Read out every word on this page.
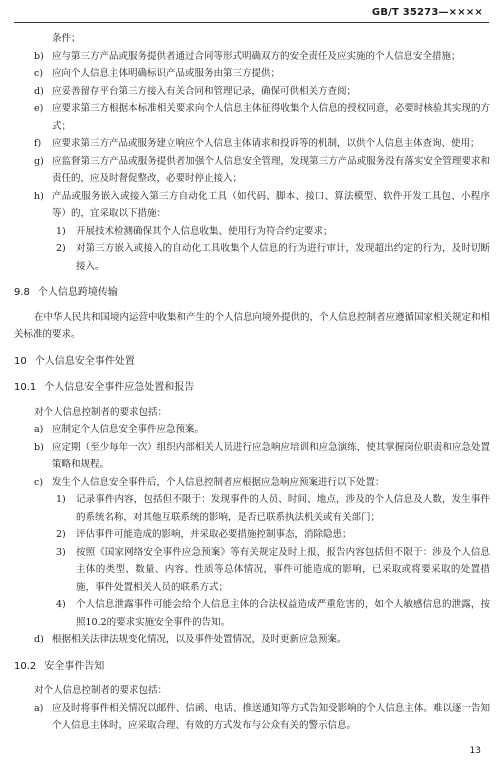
GB/T 35273—××××

条件；

b) 应与第三方产品或服务提供者通过合同等形式明确双方的安全责任及应实施的个人信息安全措施；
c) 应向个人信息主体明确标识产品或服务由第三方提供；
d) 应妥善留存平台第三方接入有关合同和管理记录，确保可供相关方查阅；
e) 应要求第三方根据本标准相关要求向个人信息主体征得收集个人信息的授权同意，必要时核验其实现的方式；
f)	应要求第三方产品或服务建立响应个人信息主体请求和投诉等的机制，以供个人信息主体查询、使用；
g) 应监督第三方产品或服务提供者加强个人信息安全管理，发现第三方产品或服务没有落实安全管理要求和责任的，应及时督促整改，必要时停止接入；
h) 产品或服务嵌入或接入第三方自动化工具（如代码、脚本、接口、算法模型、软件开发工具包、小程序等）的，宜采取以下措施：
1)	开展技术检测确保其个人信息收集、使用行为符合约定要求；
2)	对第三方嵌入或接入的自动化工具收集个人信息的行为进行审计，发现超出约定的行为，及时切断接入。
9.8 个人信息跨境传输

在中华人民共和国境内运营中收集和产生的个人信息向境外提供的，个人信息控制者应遵循国家相关规定和相关标准的要求。

10 个人信息安全事件处置
10.1 个人信息安全事件应急处置和报告

对个人信息控制者的要求包括：

a) 应制定个人信息安全事件应急预案。
b) 应定期（至少每年一次）组织内部相关人员进行应急响应培训和应急演练，使其掌握岗位职责和应急处置策略和规程。
c) 发生个人信息安全事件后，个人信息控制者应根据应急响应预案进行以下处置：
1)	记录事件内容，包括但不限于：发现事件的人员、时间、地点，涉及的个人信息及人数，发生事件的系统名称，对其他互联系统的影响，是否已联系执法机关或有关部门；
2)	评估事件可能造成的影响，并采取必要措施控制事态，消除隐患；
3)	按照《国家网络安全事件应急预案》等有关规定及时上报，报告内容包括但不限于：涉及个人信息主体的类型、数量、内容、性质等总体情况，事件可能造成的影响，已采取或将要采取的处置措施，事件处置相关人员的联系方式；
4)	个人信息泄露事件可能会给个人信息主体的合法权益造成严重危害的，如个人敏感信息的泄露，按照10.2的要求实施安全事件的告知。
d) 根据相关法律法规变化情况，以及事件处置情况，及时更新应急预案。
10.2 安全事件告知

对个人信息控制者的要求包括：

a) 应及时将事件相关情况以邮件、信函、电话、推送通知等方式告知受影响的个人信息主体。难以逐一告知个人信息主体时，应采取合理、有效的方式发布与公众有关的警示信息。
13
